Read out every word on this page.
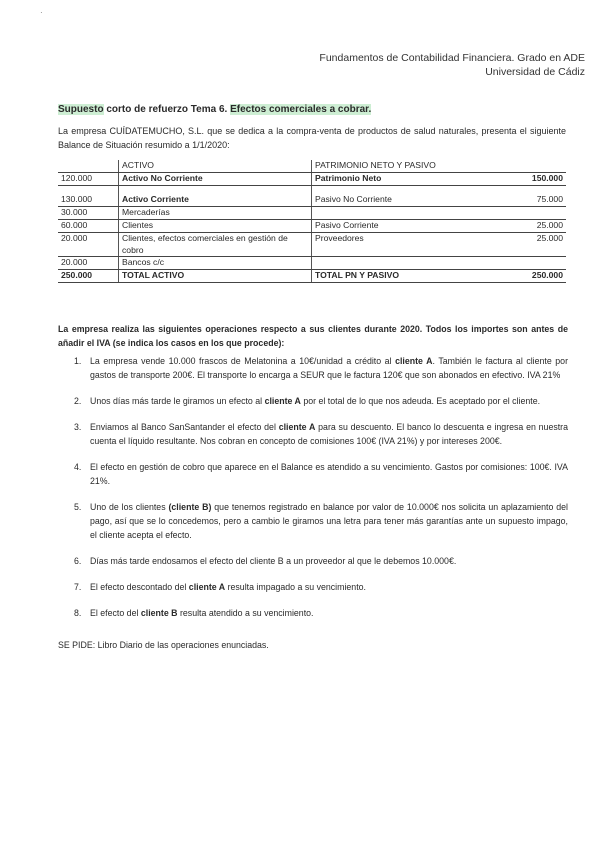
·
Fundamentos de Contabilidad Financiera. Grado en ADE
Universidad de Cádiz
Supuesto corto de refuerzo Tema 6. Efectos comerciales a cobrar.
La empresa CUÍDATEMUCHO, S.L. que se dedica a la compra-venta de productos de salud naturales, presenta el siguiente Balance de Situación resumido a 1/1/2020:
	ACTIVO	PATRIMONIO NETO Y PASIVO	
120.000	Activo No Corriente	Patrimonio Neto	150.000

130.000	Activo Corriente	Pasivo No Corriente	75.000
30.000	Mercaderías		
60.000	Clientes	Pasivo Corriente	25.000
20.000	Clientes, efectos comerciales en gestión de cobro	Proveedores	25.000
20.000	Bancos c/c		
250.000	TOTAL ACTIVO	TOTAL PN Y PASIVO	250.000
La empresa realiza las siguientes operaciones respecto a sus clientes durante 2020. Todos los importes son antes de añadir el IVA (se indica los casos en los que procede):
1. La empresa vende 10.000 frascos de Melatonina a 10€/unidad a crédito al cliente A. También le factura al cliente por gastos de transporte 200€. El transporte lo encarga a SEUR que le factura 120€ que son abonados en efectivo. IVA 21%
2. Unos días más tarde le giramos un efecto al cliente A por el total de lo que nos adeuda. Es aceptado por el cliente.
3. Enviamos al Banco SanSantander el efecto del cliente A para su descuento. El banco lo descuenta e ingresa en nuestra cuenta el líquido resultante. Nos cobran en concepto de comisiones 100€ (IVA 21%) y por intereses 200€.
4. El efecto en gestión de cobro que aparece en el Balance es atendido a su vencimiento. Gastos por comisiones: 100€. IVA 21%.
5. Uno de los clientes (cliente B) que tenemos registrado en balance por valor de 10.000€ nos solicita un aplazamiento del pago, así que se lo concedemos, pero a cambio le giramos una letra para tener más garantías ante un supuesto impago, el cliente acepta el efecto.
6. Días más tarde endosamos el efecto del cliente B a un proveedor al que le debemos 10.000€.
7. El efecto descontado del cliente A resulta impagado a su vencimiento.
8. El efecto del cliente B resulta atendido a su vencimiento.
SE PIDE: Libro Diario de las operaciones enunciadas.
